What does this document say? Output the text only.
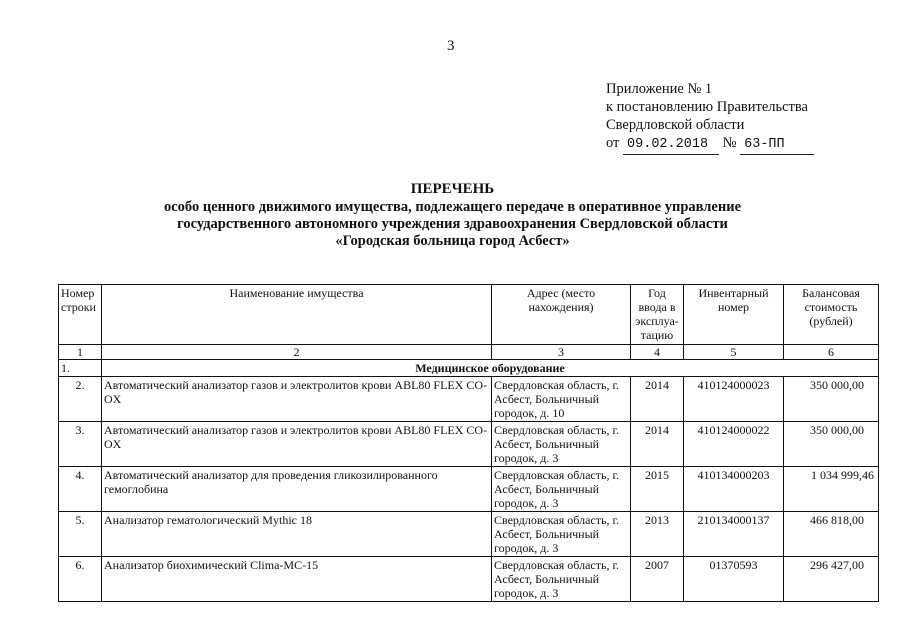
3
Приложение № 1
к постановлению Правительства
Свердловской области
от 09.02.2018 № 63-ПП
ПЕРЕЧЕНЬ
особо ценного движимого имущества, подлежащего передаче в оперативное управление
государственного автономного учреждения здравоохранения Свердловской области
«Городская больница город Асбест»
Номер строки	Наименование имущества	Адрес (место нахождения)	Год ввода в эксплуа-тацию	Инвентарный номер	Балансовая стоимость (рублей)
1	2	3	4	5	6
1.	Медицинское оборудование				
2.	Автоматический анализатор газов и электролитов крови ABL80 FLEX CO-OX	Свердловская область, г. Асбест, Больничный городок, д. 10	2014	410124000023	350 000,00
3.	Автоматический анализатор газов и электролитов крови ABL80 FLEX CO-OX	Свердловская область, г. Асбест, Больничный городок, д. 3	2014	410124000022	350 000,00
4.	Автоматический анализатор для проведения гликозилированного гемоглобина	Свердловская область, г. Асбест, Больничный городок, д. 3	2015	410134000203	1 034 999,46
5.	Анализатор гематологический Mythic 18	Свердловская область, г. Асбест, Больничный городок, д. 3	2013	210134000137	466 818,00
6.	Анализатор биохимический Clima-MC-15	Свердловская область, г. Асбест, Больничный городок, д. 3	2007	01370593	296 427,00
